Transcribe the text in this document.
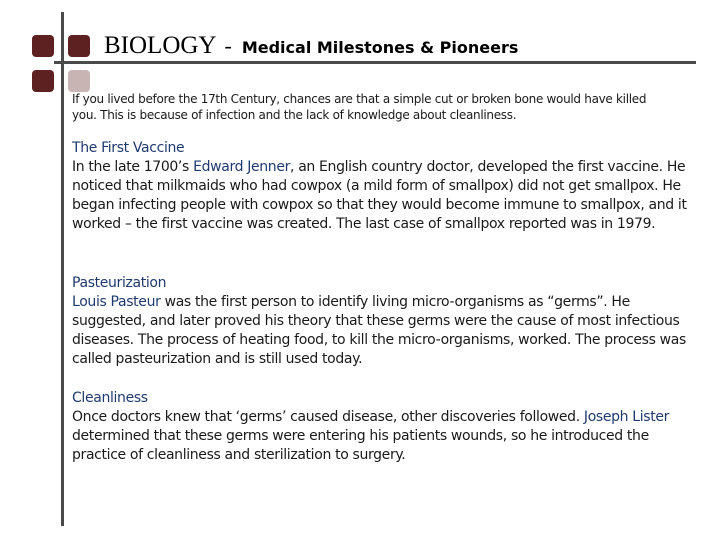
BIOLOGY - Medical Milestones & Pioneers

If you lived before the 17th Century, chances are that a simple cut or broken bone would have killed you. This is because of infection and the lack of knowledge about cleanliness.

The First Vaccine

In the late 1700’s Edward Jenner, an English country doctor, developed the first vaccine. He noticed that milkmaids who had cowpox (a mild form of smallpox) did not get smallpox. He began infecting people with cowpox so that they would become immune to smallpox, and it worked – the first vaccine was created. The last case of smallpox reported was in 1979.

Pasteurization

Louis Pasteur was the first person to identify living micro-organisms as “germs”. He suggested, and later proved his theory that these germs were the cause of most infectious diseases. The process of heating food, to kill the micro-organisms, worked. The process was called pasteurization and is still used today.

Cleanliness

Once doctors knew that ‘germs’ caused disease, other discoveries followed. Joseph Lister determined that these germs were entering his patients wounds, so he introduced the practice of cleanliness and sterilization to surgery.
